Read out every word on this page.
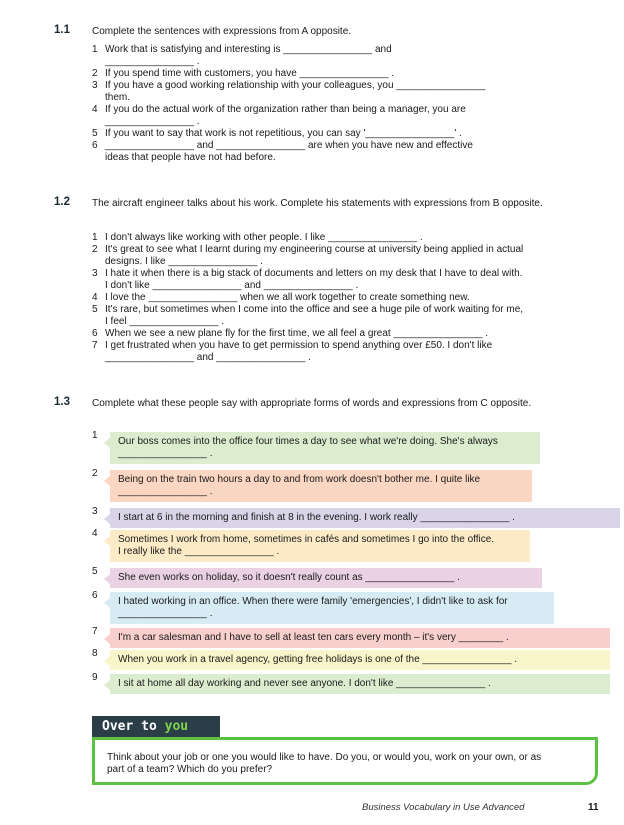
1.1 Complete the sentences with expressions from A opposite.
1 Work that is satisfying and interesting is ________________ and
________________ .
2 If you spend time with customers, you have ________________ .
3 If you have a good working relationship with your colleagues, you ________________
them.
4 If you do the actual work of the organization rather than being a manager, you are
________________ .
5 If you want to say that work is not repetitious, you can say '________________' .
6 ________________ and ________________ are when you have new and effective
ideas that people have not had before.
1.2 The aircraft engineer talks about his work. Complete his statements with expressions from B opposite.
1 I don't always like working with other people. I like ________________ .
2 It's great to see what I learnt during my engineering course at university being applied in actual
designs. I like ________________ .
3 I hate it when there is a big stack of documents and letters on my desk that I have to deal with.
I don't like ________________ and ________________ .
4 I love the ________________ when we all work together to create something new.
5 It's rare, but sometimes when I come into the office and see a huge pile of work waiting for me,
I feel ________________ .
6 When we see a new plane fly for the first time, we all feel a great ________________ .
7 I get frustrated when you have to get permission to spend anything over £50. I don't like
________________ and ________________ .
1.3 Complete what these people say with appropriate forms of words and expressions from C opposite.
1
Our boss comes into the office four times a day to see what we're doing. She's always
________________ .
2
Being on the train two hours a day to and from work doesn't bother me. I quite like
________________ .
3
I start at 6 in the morning and finish at 8 in the evening. I work really ________________ .
4
Sometimes I work from home, sometimes in cafés and sometimes I go into the office.
I really like the ________________ .
5
She even works on holiday, so it doesn't really count as ________________ .
6
I hated working in an office. When there were family 'emergencies', I didn't like to ask for
________________ .
7
I'm a car salesman and I have to sell at least ten cars every month – it's very ________ .
8
When you work in a travel agency, getting free holidays is one of the ________________ .
9
I sit at home all day working and never see anyone. I don't like ________________ .
Over to you
Think about your job or one you would like to have. Do you, or would you, work on your own, or as
part of a team? Which do you prefer?
Business Vocabulary in Use Advanced	11
